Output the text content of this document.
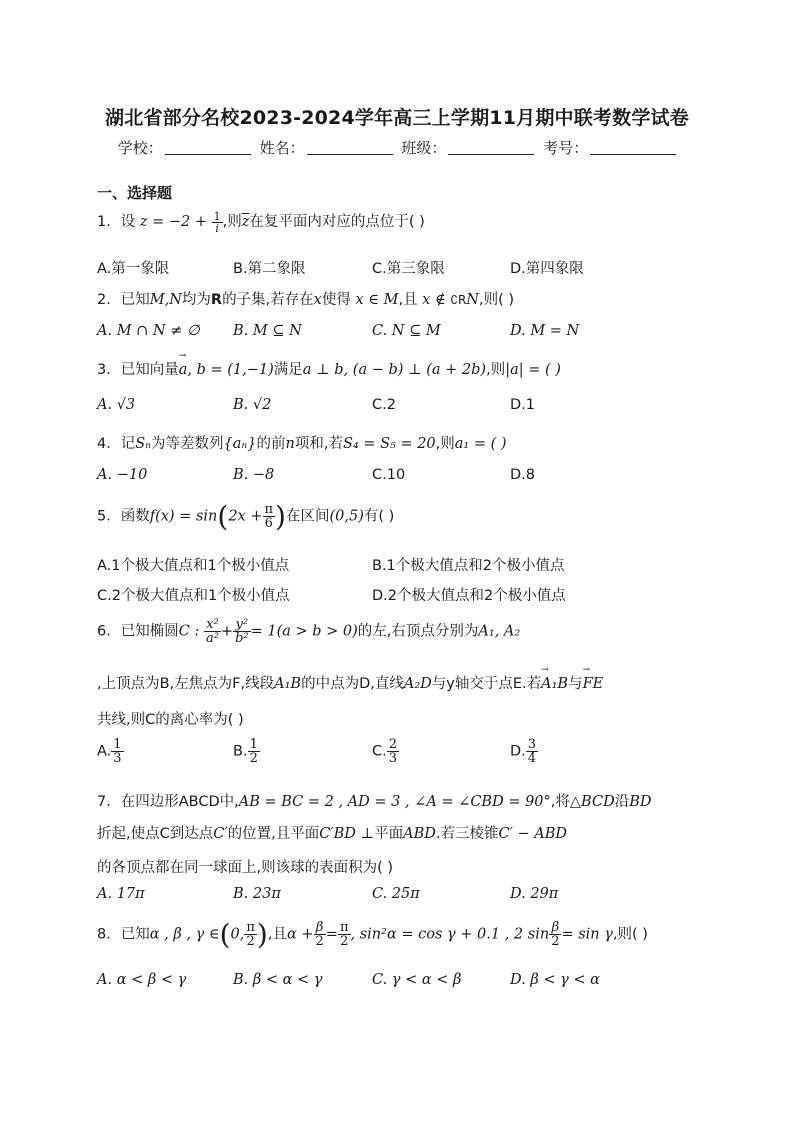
湖北省部分名校2023-2024学年高三上学期11月期中联考数学试卷
学校：	姓名：	班级：	考号：
一、选择题
1．设 $z = -2 + \frac{1}{i}$ ,则$\overline{z}$在复平面内对应的点位于( )
A.第一象限	B.第二象限	C.第三象限	D.第四象限
2．已知M,N均为R的子集,若存在x使得 x ∈ M,且 x ∉ ∁RN,则( )
A. M ∩ N ≠ ∅ B. M ⊆ N	C. N ⊆ M	D. M = N
3．已知向量→ a, b = (1,−1)满足a ⊥ b, (a − b) ⊥ (a + 2b),则|a| = ( )
A. √3	B. √2	C.2	D.1
4．记Sₙ为等差数列{aₙ}的前n项和,若S₄ = S₅ = 20,则a₁ = ( )
A. −10	B. −8	C.10	D.8
5．函数$f(x) = \sin(2x + \frac{\pi}{6}$ )在区间(0,5)有( )
A.1个极大值点和1个极小值点	B.1个极大值点和2个极小值点
C.2个极大值点和1个极小值点	D.2个极大值点和2个极小值点
6．已知椭圆C : $\frac{\text{x²}}{\text{a²}} + \frac{\text{y²}}{\text{b²}} = 1(a > b > 0)$的左,右顶点分别为A₁, A₂
,上顶点为B,左焦点为F,线段A₁B的中点为D,直线A₂D与y轴交于点E.若→ A₁B与→ FE
共线,则C的离心率为( )
A. $\frac{1}{3}$	B. $\frac{1}{2}$	C. $\frac{2}{3}$	D. $\frac{3}{4}$
7．在四边形ABCD中,AB = BC = 2 , AD = 3 , ∠A = ∠CBD = 90°,将△BCD沿BD
折起,使点C到达点C′的位置,且平面C′BD ⊥平面ABD.若三棱锥C′ − ABD
的各顶点都在同一球面上,则该球的表面积为( )
A. 17π	B. 23π	C. 25π	D. 29π
8．已知α , β , γ ∈(0, $\frac{\pi}{2}$ ),且$\alpha + \frac{\beta}{2} = \frac{\pi}{2}$ , sin²α = cos γ + 0.1 , 2 $\sin \frac{\beta}{2} = \sin \gamma$,则( )
A. α < β < γ	B. β < α < γ	C. γ < α < β	D. β < γ < α
